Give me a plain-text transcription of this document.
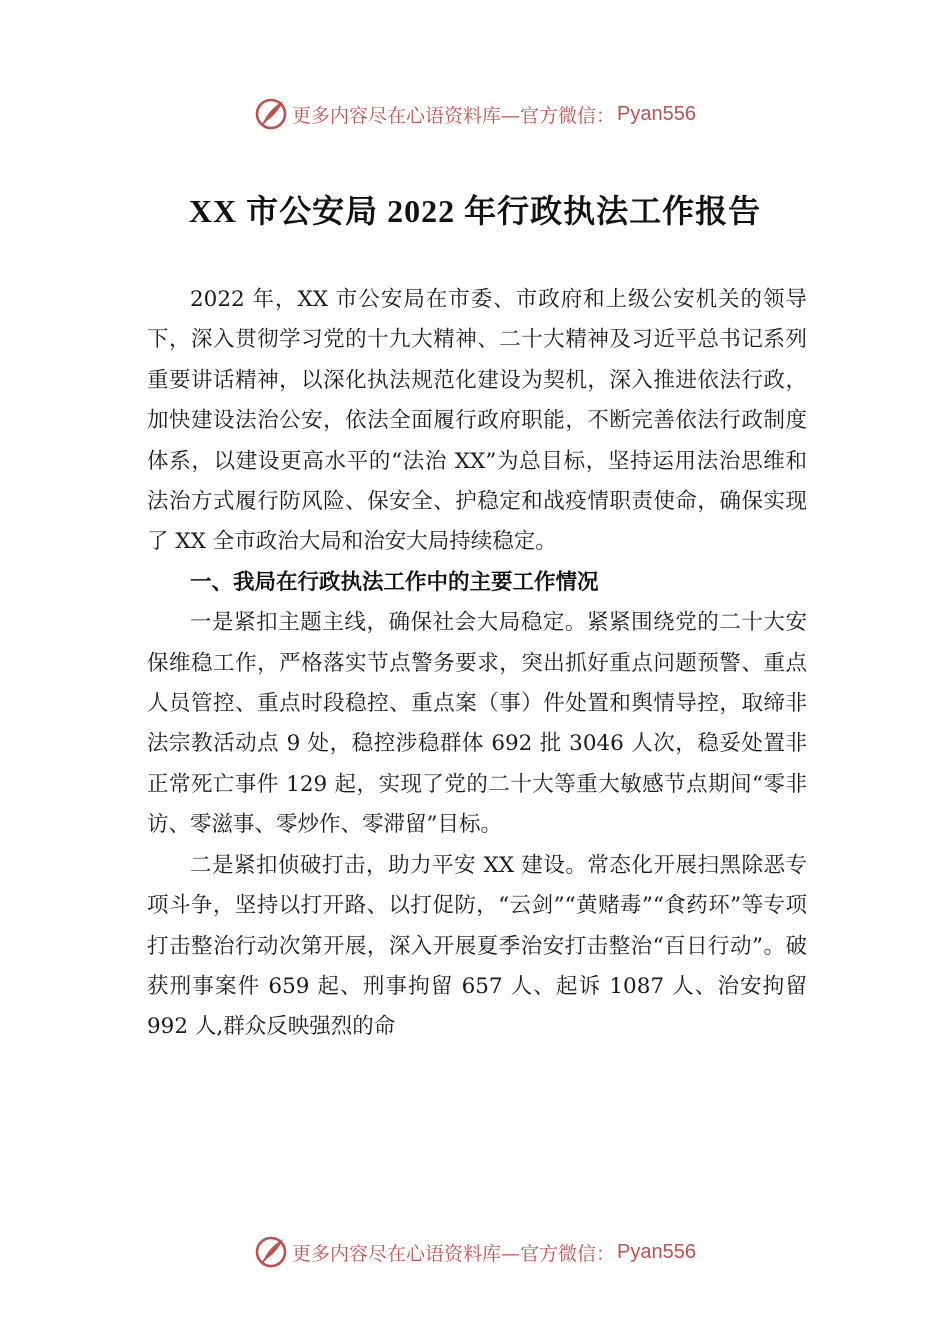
更多内容尽在心语资料库—官方微信： Pyan556
XX 市公安局 2022 年行政执法工作报告

2022 年，XX 市公安局在市委、市政府和上级公安机关的领导下，深入贯彻学习党的十九大精神、二十大精神及习近平总书记系列重要讲话精神，以深化执法规范化建设为契机，深入推进依法行政，加快建设法治公安，依法全面履行政府职能，不断完善依法行政制度体系，以建设更高水平的“法治 XX”为总目标，坚持运用法治思维和法治方式履行防风险、保安全、护稳定和战疫情职责使命，确保实现了 XX 全市政治大局和治安大局持续稳定。

一、我局在行政执法工作中的主要工作情况

一是紧扣主题主线，确保社会大局稳定。紧紧围绕党的二十大安保维稳工作，严格落实节点警务要求，突出抓好重点问题预警、重点人员管控、重点时段稳控、重点案（事）件处置和舆情导控，取缔非法宗教活动点 9 处，稳控涉稳群体 692 批 3046 人次，稳妥处置非正常死亡事件 129 起，实现了党的二十大等重大敏感节点期间“零非访、零滋事、零炒作、零滞留”目标。

二是紧扣侦破打击，助力平安 XX 建设。常态化开展扫黑除恶专项斗争，坚持以打开路、以打促防，“云剑”“黄赌毒”“食药环”等专项打击整治行动次第开展，深入开展夏季治安打击整治“百日行动”。破获刑事案件 659 起、刑事拘留 657 人、起诉 1087 人、治安拘留 992 人,群众反映强烈的命

更多内容尽在心语资料库—官方微信： Pyan556
